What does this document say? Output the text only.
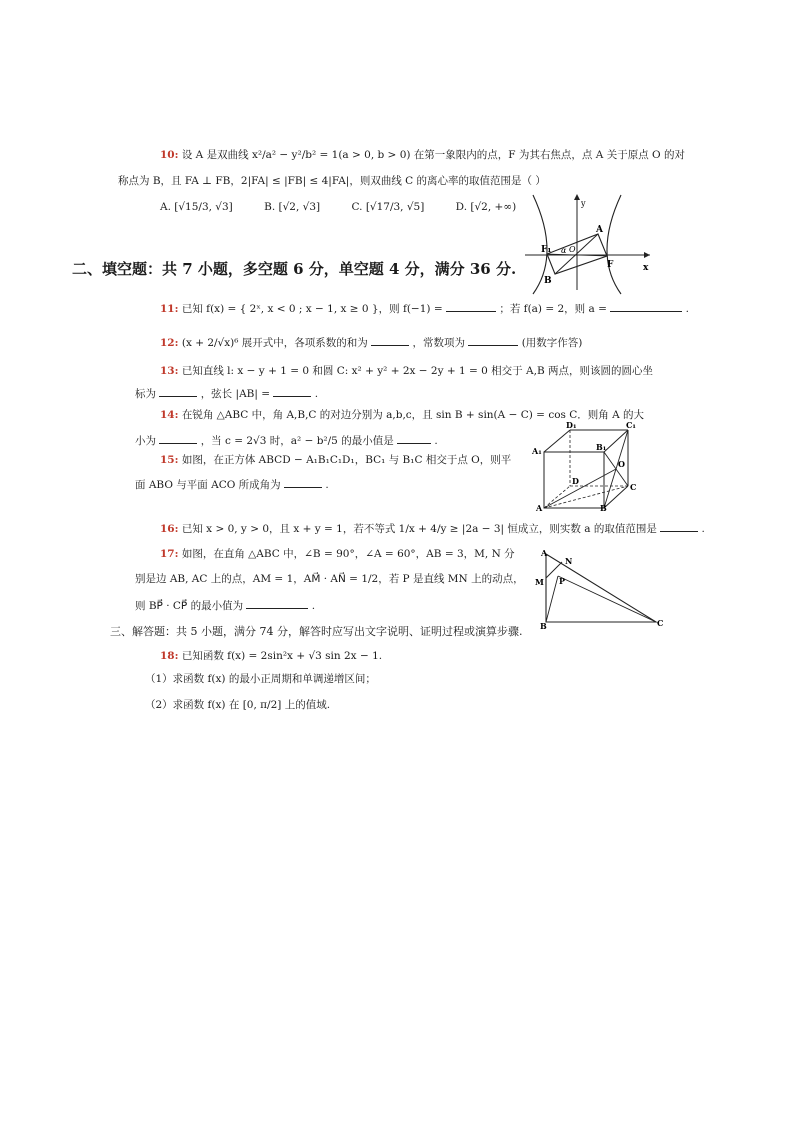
10: 设 A 是双曲线 x²/a² − y²/b² = 1(a > 0, b > 0) 在第一象限内的点，F 为其右焦点，点 A 关于原点 O 的对
称点为 B，且 FA ⊥ FB，2|FA| ≤ |FB| ≤ 4|FA|，则双曲线 C 的离心率的取值范围是（ ）
A. [√15/3, √3]	B. [√2, √3]	C. [√17/3, √5]	D. [√2, +∞)
A
B
F₁
F
O
α
x
y
二、填空题：共 7 小题，多空题 6 分，单空题 4 分，满分 36 分.
11: 已知 f(x) = { 2ˣ, x < 0 ; x − 1, x ≥ 0 }，则 f(−1) =	；若 f(a) = 2，则 a =	.
12: (x + 2/√x)⁶ 展开式中，各项系数的和为	，常数项为	(用数字作答)
13: 已知直线 l: x − y + 1 = 0 和圆 C: x² + y² + 2x − 2y + 1 = 0 相交于 A,B 两点，则该圆的圆心坐
标为	，弦长 |AB| =	.
14: 在锐角 △ABC 中，角 A,B,C 的对边分别为 a,b,c，且 sin B + sin(A − C) = cos C．则角 A 的大
小为	，当 c = 2√3 时，a² − b²/5 的最小值是	.
D₁	C₁
A₁	B₁
O
D
C
A	B
15: 如图，在正方体 ABCD − A₁B₁C₁D₁，BC₁ 与 B₁C 相交于点 O，则平
面 ABO 与平面 ACO 所成角为	.
16: 已知 x > 0, y > 0，且 x + y = 1，若不等式 1/x + 4/y ≥ |2a − 3| 恒成立，则实数 a 的取值范围是	.
17: 如图，在直角 △ABC 中，∠B = 90°，∠A = 60°，AB = 3，M, N 分
别是边 AB, AC 上的点，AM = 1，AM⃗ · AN⃗ = 1/2，若 P 是直线 MN 上的动点，
则 BP⃗ · CP⃗ 的最小值为	.
A
N
M P
B	C
三、解答题：共 5 小题，满分 74 分，解答时应写出文字说明、证明过程或演算步骤.
18: 已知函数 f(x) = 2sin²x + √3 sin 2x − 1.
（1）求函数 f(x) 的最小正周期和单调递增区间；
（2）求函数 f(x) 在 [0, π/2] 上的值域.
